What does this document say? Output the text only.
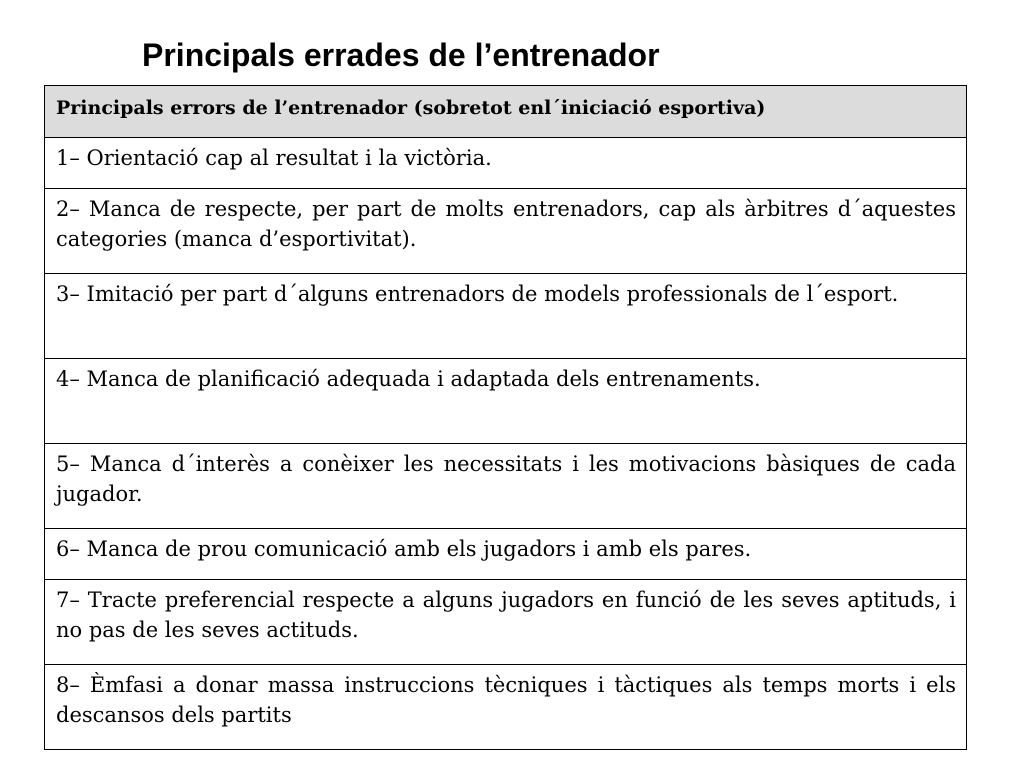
Principals errades de l’entrenador
Principals errors de l’entrenador (sobretot enl´iniciació esportiva)
1– Orientació cap al resultat i la victòria.
2– Manca de respecte, per part de molts entrenadors, cap als àrbitres d´aquestes categories (manca d’esportivitat).
3– Imitació per part d´alguns entrenadors de models professionals de l´esport.
4– Manca de planificació adequada i adaptada dels entrenaments.
5– Manca d´interès a conèixer les necessitats i les motivacions bàsiques de cada jugador.
6– Manca de prou comunicació amb els jugadors i amb els pares.
7– Tracte preferencial respecte a alguns jugadors en funció de les seves aptituds, i no pas de les seves actituds.
8– Èmfasi a donar massa instruccions tècniques i tàctiques als temps morts i els descansos dels partits
